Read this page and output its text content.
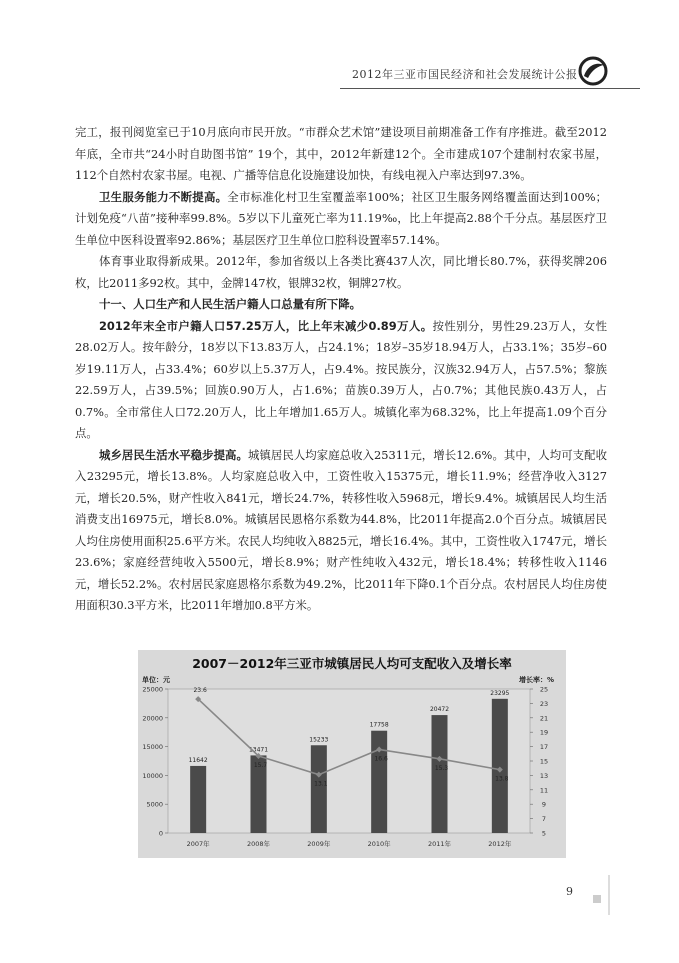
2012年三亚市国民经济和社会发展统计公报

完工，报刊阅览室已于10月底向市民开放。“市群众艺术馆”建设项目前期准备工作有序推进。截至2012年底，全市共“24小时自助图书馆” 19个，其中，2012年新建12个。全市建成107个建制村农家书屋，112个自然村农家书屋。电视、广播等信息化设施建设加快，有线电视入户率达到97.3%。

卫生服务能力不断提高。全市标准化村卫生室覆盖率100%；社区卫生服务网络覆盖面达到100%；计划免疫“八苗”接种率99.8%。5岁以下儿童死亡率为11.19‰，比上年提高2.88个千分点。基层医疗卫生单位中医科设置率92.86%；基层医疗卫生单位口腔科设置率57.14%。

体育事业取得新成果。2012年，参加省级以上各类比赛437人次，同比增长80.7%，获得奖牌206枚，比2011多92枚。其中，金牌147枚，银牌32枚，铜牌27枚。

十一、人口生产和人民生活户籍人口总量有所下降。

2012年末全市户籍人口57.25万人，比上年末减少0.89万人。按性别分，男性29.23万人，女性28.02万人。按年龄分，18岁以下13.83万人，占24.1%；18岁–35岁18.94万人，占33.1%；35岁–60岁19.11万人，占33.4%；60岁以上5.37万人，占9.4%。按民族分，汉族32.94万人，占57.5%；黎族22.59万人，占39.5%；回族0.90万人，占1.6%；苗族0.39万人，占0.7%；其他民族0.43万人，占0.7%。全市常住人口72.20万人，比上年增加1.65万人。城镇化率为68.32%，比上年提高1.09个百分点。

城乡居民生活水平稳步提高。城镇居民人均家庭总收入25311元，增长12.6%。其中，人均可支配收入23295元，增长13.8%。人均家庭总收入中，工资性收入15375元，增长11.9%；经营净收入3127元，增长20.5%，财产性收入841元，增长24.7%，转移性收入5968元，增长9.4%。城镇居民人均生活消费支出16975元，增长8.0%。城镇居民恩格尔系数为44.8%，比2011年提高2.0个百分点。城镇居民人均住房使用面积25.6平方米。农民人均纯收入8825元，增长16.4%。其中，工资性收入1747元，增长23.6%；家庭经营纯收入5500元，增长8.9%；财产性纯收入432元，增长18.4%；转移性收入1146元，增长52.2%。农村居民家庭恩格尔系数为49.2%，比2011年下降0.1个百分点。农村居民人均住房使用面积30.3平方米，比2011年增加0.8平方米。

2007－2012年三亚市城镇居民人均可支配收入及增长率
单位：元	增长率：%
0
5000
10000
15000
20000
25000
5
7
9
11
13
15
17
19
21
23
25
11642
13471
15233
17758
20472
23295
23.6
15.7
13.1
16.6
15.3
13.8
2007年	2008年	2009年	2010年	2011年	2012年
9
